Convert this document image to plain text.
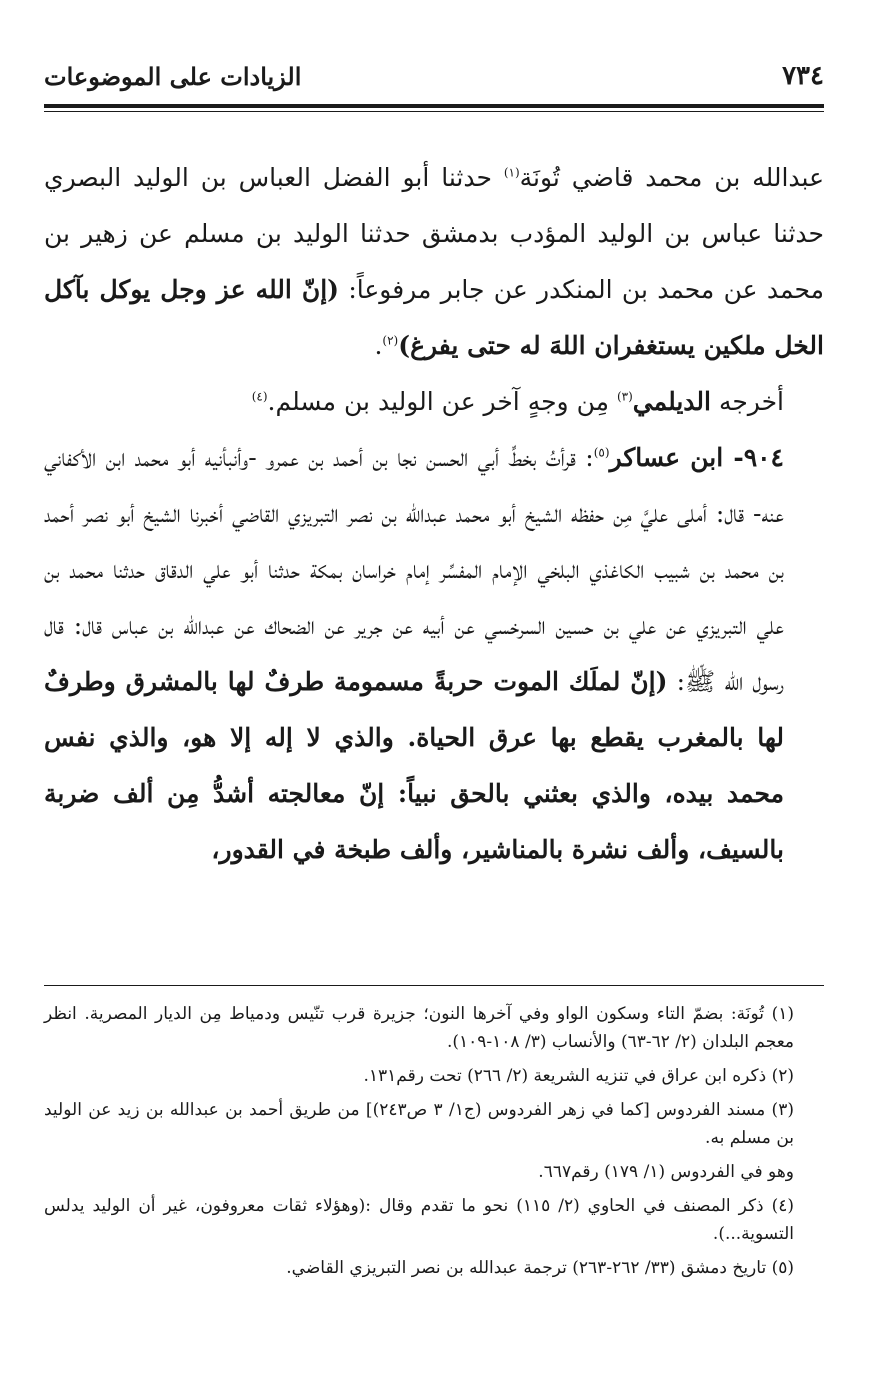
٧٣٤
الزيادات على الموضوعات

عبدالله بن محمد قاضي تُونَة$^{(١)}$ حدثنا أبو الفضل العباس بن الوليد البصري حدثنا عباس بن الوليد المؤدب بدمشق حدثنا الوليد بن مسلم عن زهير بن محمد عن محمد بن المنكدر عن جابر مرفوعاً: (إنّ الله عز وجل يوكل بآكل الخل ملكين يستغفران اللهَ له حتى يفرغ)$^{(٢)}$.

أخرجه الديلمي$^{(٣)}$ مِن وجهٍ آخر عن الوليد بن مسلم.$^{(٤)}$

٩٠٤- ابن عساكر$^{(٥)}$: قرأتُ بخطِّ أبي الحسن نجا بن أحمد بن عمرو -وأنبأنيه أبو محمد ابن الأكفاني عنه- قال: أملى عليَّ مِن حفظه الشيخ أبو محمد عبدالله بن نصر التبريزي القاضي أخبرنا الشيخ أبو نصر أحمد بن محمد بن شبيب الكاغذي البلخي الإمام المفسِّر إمام خراسان بمكة حدثنا أبو علي الدقاق حدثنا محمد بن علي التبريزي عن علي بن حسين السرخسي عن أبيه عن جرير عن الضحاك عن عبدالله بن عباس قال: قال رسول الله ﷺ: (إنّ لملَك الموت حربةً مسمومة طرفٌ لها بالمشرق وطرفٌ لها بالمغرب يقطع بها عرق الحياة. والذي لا إله إلا هو، والذي نفس محمد بيده، والذي بعثني بالحق نبياً: إنّ معالجته أشدُّ مِن ألف ضربة بالسيف، وألف نشرة بالمناشير، وألف طبخة في القدور،

(١) تُونَة: بضمّ التاء وسكون الواو وفي آخرها النون؛ جزيرة قرب تنّيس ودمياط مِن الديار المصرية. انظر معجم البلدان (٢/ ٦٢-٦٣) والأنساب (٣/ ١٠٨-١٠٩).

(٢) ذكره ابن عراق في تنزيه الشريعة (٢/ ٢٦٦) تحت رقم١٣١.

(٣) مسند الفردوس [كما في زهر الفردوس (ج١/ ٣ ص٢٤٣)] من طريق أحمد بن عبدالله بن زيد عن الوليد بن مسلم به.

وهو في الفردوس (١/ ١٧٩) رقم٦٦٧.

(٤) ذكر المصنف في الحاوي (٢/ ١١٥) نحو ما تقدم وقال :(وهؤلاء ثقات معروفون، غير أن الوليد يدلس التسوية...).

(٥) تاريخ دمشق (٣٣/ ٢٦٢-٢٦٣) ترجمة عبدالله بن نصر التبريزي القاضي.
